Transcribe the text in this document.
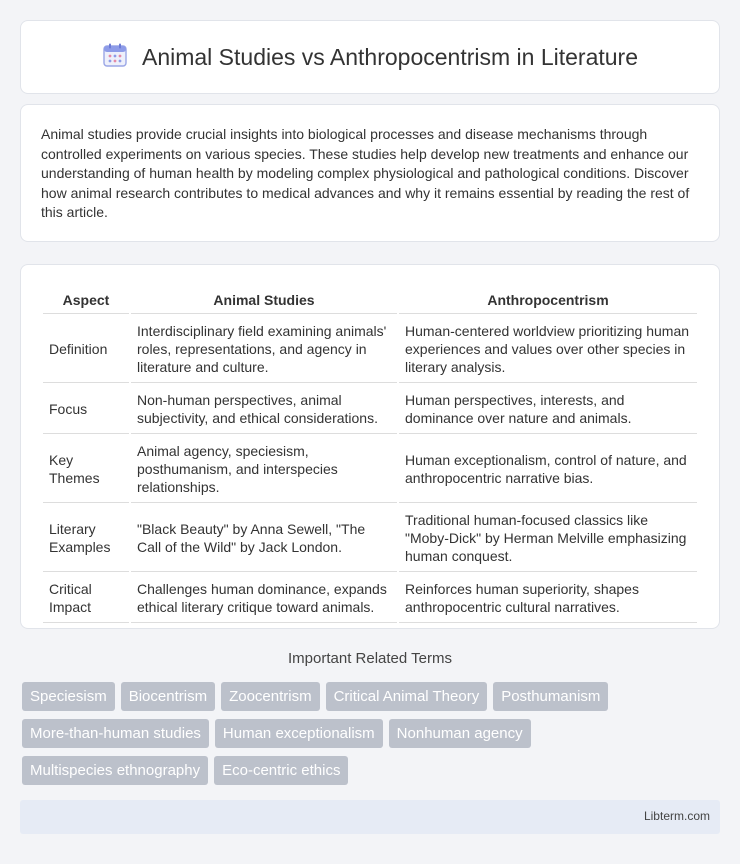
Animal Studies vs Anthropocentrism in Literature

Animal studies provide crucial insights into biological processes and disease mechanisms through controlled experiments on various species. These studies help develop new treatments and enhance our understanding of human health by modeling complex physiological and pathological conditions. Discover how animal research contributes to medical advances and why it remains essential by reading the rest of this article.

Aspect	Animal Studies	Anthropocentrism
Definition	Interdisciplinary field examining animals' roles, representations, and agency in literature and culture.	Human-centered worldview prioritizing human experiences and values over other species in literary analysis.
Focus	Non-human perspectives, animal subjectivity, and ethical considerations.	Human perspectives, interests, and dominance over nature and animals.
Key Themes	Animal agency, speciesism, posthumanism, and interspecies relationships.	Human exceptionalism, control of nature, and anthropocentric narrative bias.
Literary Examples	"Black Beauty" by Anna Sewell, "The Call of the Wild" by Jack London.	Traditional human-focused classics like "Moby-Dick" by Herman Melville emphasizing human conquest.
Critical Impact	Challenges human dominance, expands ethical literary critique toward animals.	Reinforces human superiority, shapes anthropocentric cultural narratives.
Important Related Terms
Speciesism	Biocentrism	Zoocentrism	Critical Animal Theory	Posthumanism
More-than-human studies	Human exceptionalism	Nonhuman agency
Multispecies ethnography	Eco-centric ethics
Libterm.com
